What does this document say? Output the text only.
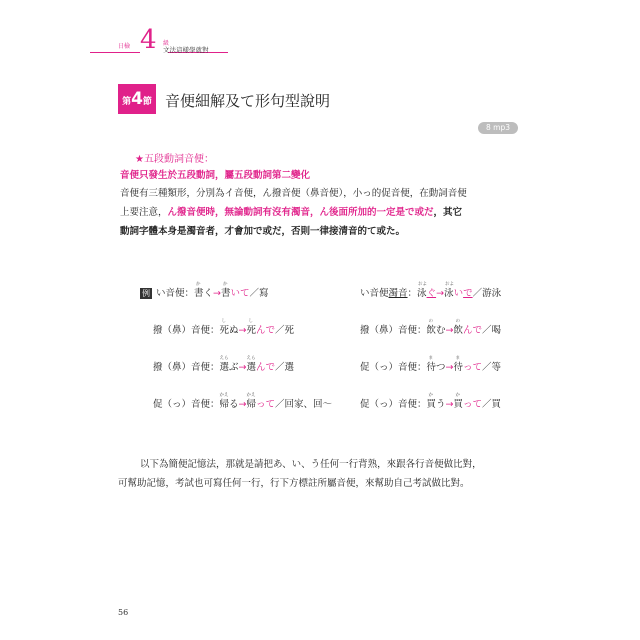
日檢 4 級
文法這樣學就對
第4節 音便細解及て形句型說明
8 mp3
★五段動詞音便：
音便只發生於五段動詞，屬五段動詞第二變化
音便有三種類形，分別為イ音便，ん撥音便（鼻音便），小っ的促音便，在動詞音便
上要注意，ん撥音便時，無論動詞有沒有濁音，ん後面所加的一定是で或だ，其它
動詞字體本身是濁音者，才會加で或だ，否則一律接清音的て或た。
例 い音便：
か
書く→
か
書いて／寫	い音便濁音：
およ
泳ぐ→
およ
泳いで／游泳
撥（鼻）音便：
し
死ぬ→
し
死んで／死	撥（鼻）音便：
の
飲む→
の
飲んで／喝
撥（鼻）音便：
えら
選ぶ→
えら
選んで／選	促（っ）音便：
ま
待つ→
ま
待って／等
促（っ）音便：
かえ
帰る→
かえ
帰って／回家、回～	促（っ）音便：
か
買う→
か
買って／買
以下為簡便記憶法，那就是請把あ、い、う任何一行背熟，來跟各行音便做比對，
可幫助記憶，考試也可寫任何一行，行下方標註所屬音便，來幫助自己考試做比對。
56
